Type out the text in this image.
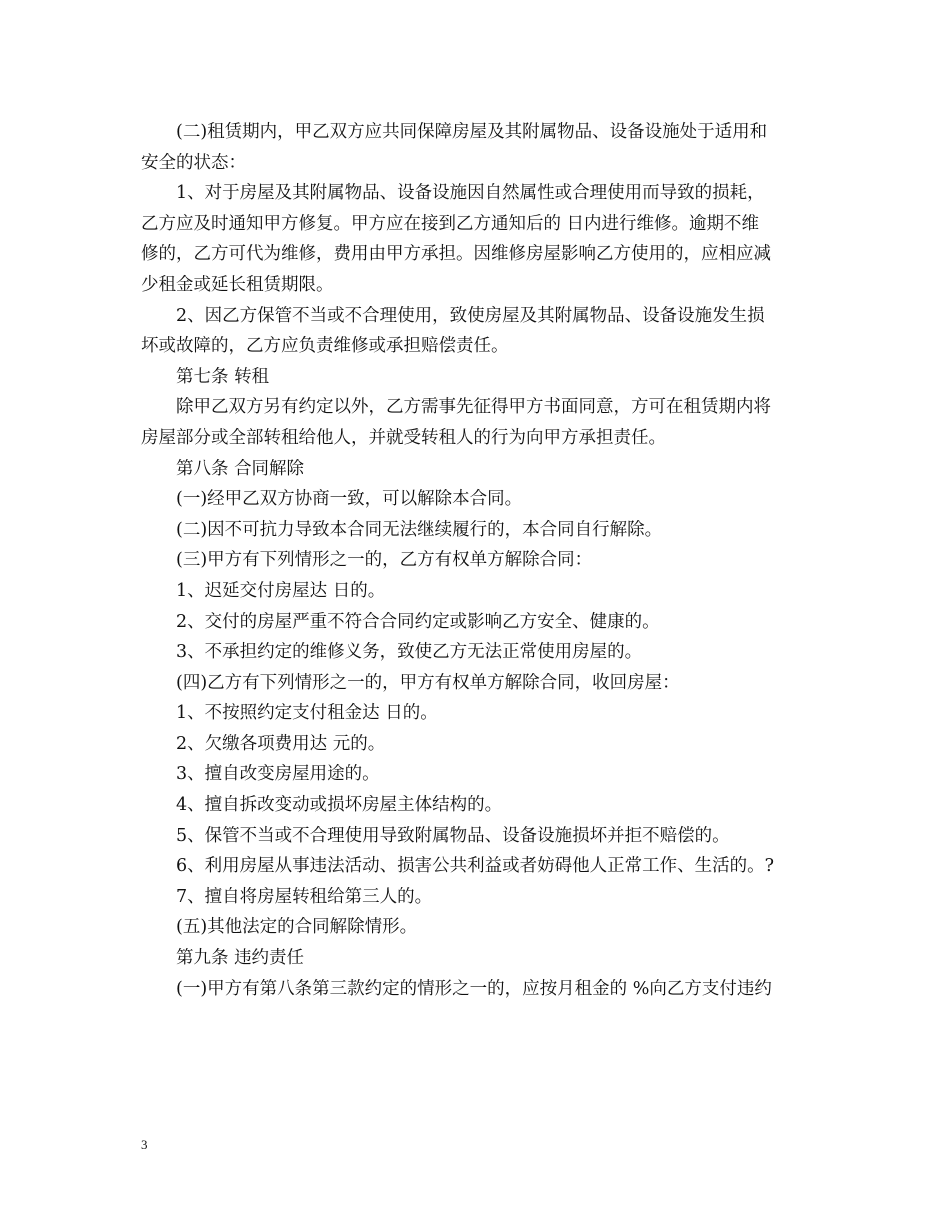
(二)租赁期内，甲乙双方应共同保障房屋及其附属物品、设备设施处于适用和
安全的状态：
1、对于房屋及其附属物品、设备设施因自然属性或合理使用而导致的损耗，
乙方应及时通知甲方修复。甲方应在接到乙方通知后的 日内进行维修。逾期不维
修的，乙方可代为维修，费用由甲方承担。因维修房屋影响乙方使用的，应相应减
少租金或延长租赁期限。
2、因乙方保管不当或不合理使用，致使房屋及其附属物品、设备设施发生损
坏或故障的，乙方应负责维修或承担赔偿责任。
第七条 转租
除甲乙双方另有约定以外，乙方需事先征得甲方书面同意，方可在租赁期内将
房屋部分或全部转租给他人，并就受转租人的行为向甲方承担责任。
第八条 合同解除
(一)经甲乙双方协商一致，可以解除本合同。
(二)因不可抗力导致本合同无法继续履行的，本合同自行解除。
(三)甲方有下列情形之一的，乙方有权单方解除合同：
1、迟延交付房屋达 日的。
2、交付的房屋严重不符合合同约定或影响乙方安全、健康的。
3、不承担约定的维修义务，致使乙方无法正常使用房屋的。
(四)乙方有下列情形之一的，甲方有权单方解除合同，收回房屋：
1、不按照约定支付租金达 日的。
2、欠缴各项费用达 元的。
3、擅自改变房屋用途的。
4、擅自拆改变动或损坏房屋主体结构的。
5、保管不当或不合理使用导致附属物品、设备设施损坏并拒不赔偿的。
6、利用房屋从事违法活动、损害公共利益或者妨碍他人正常工作、生活的。?
7、擅自将房屋转租给第三人的。
(五)其他法定的合同解除情形。
第九条 违约责任
(一)甲方有第八条第三款约定的情形之一的，应按月租金的 %向乙方支付违约
3
